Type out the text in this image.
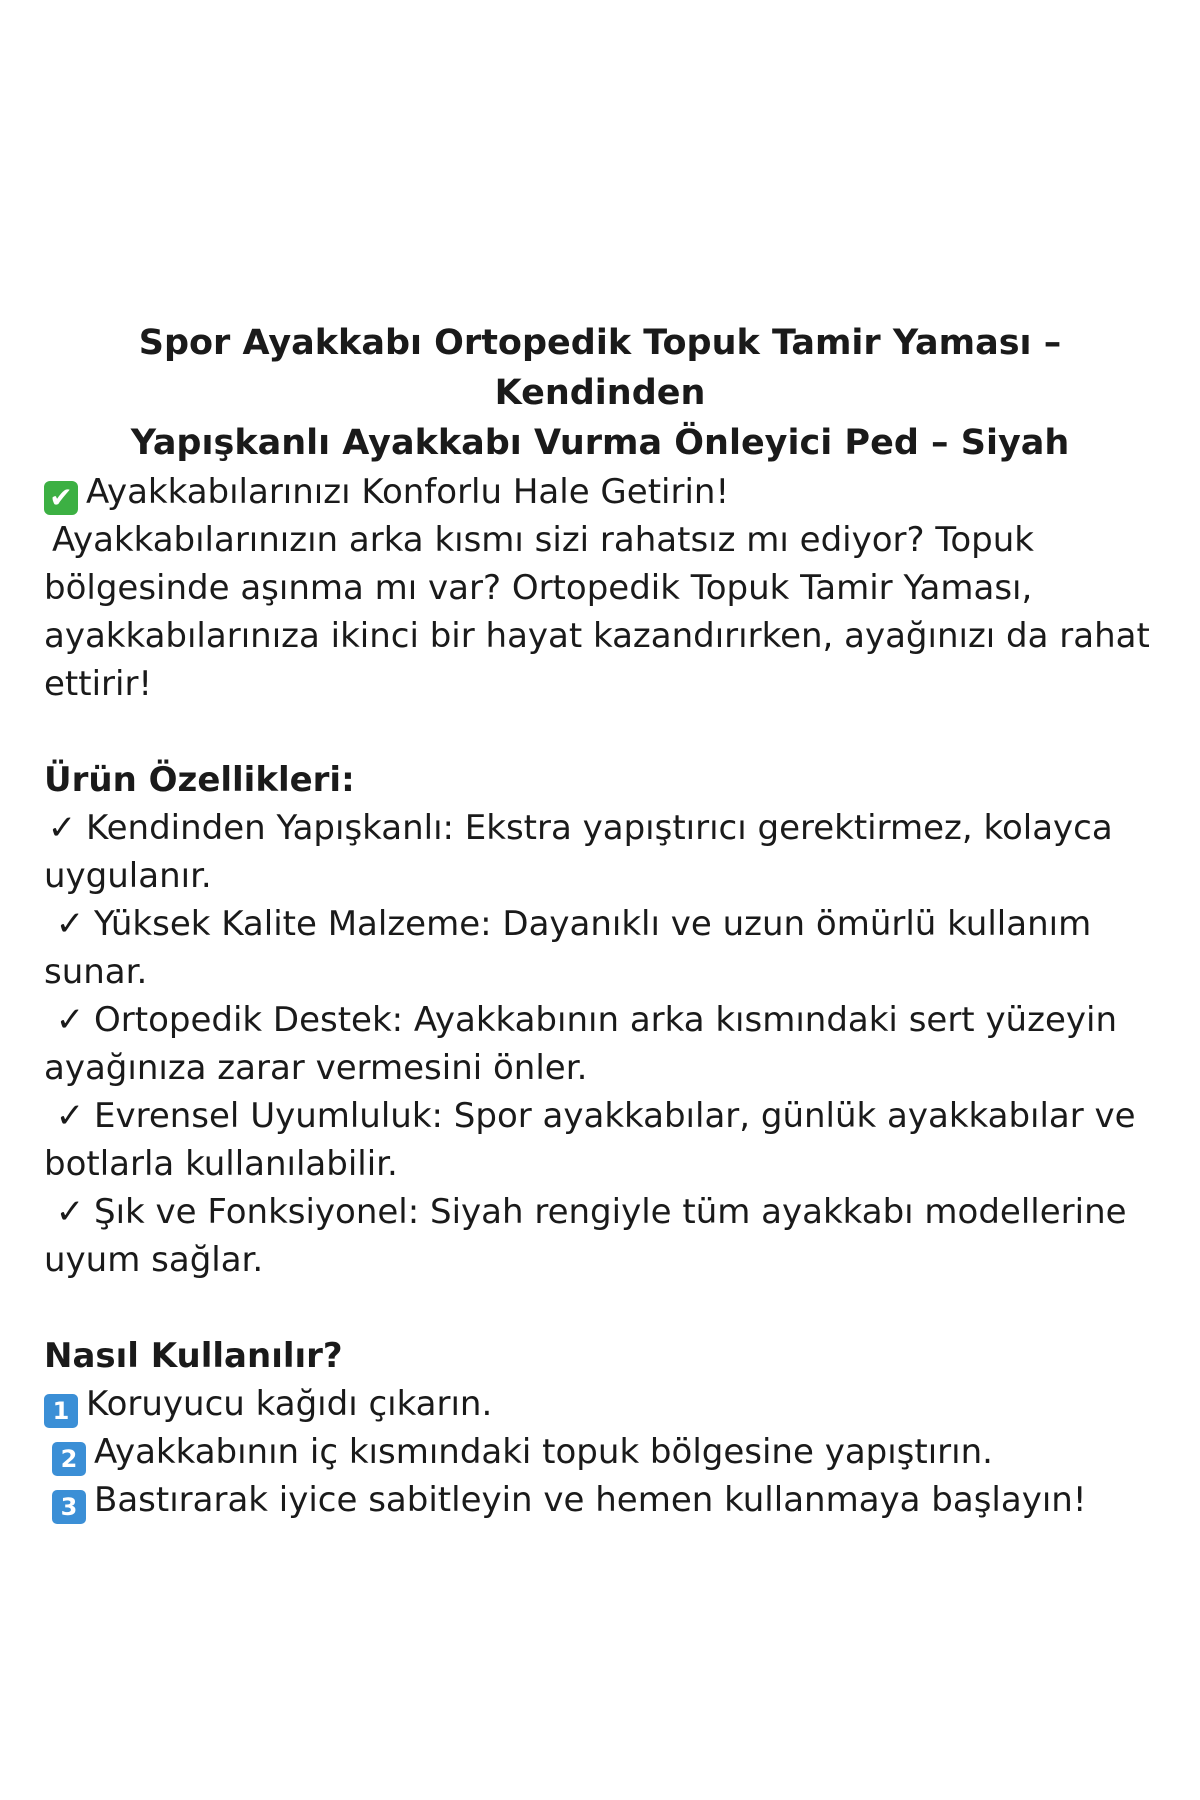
Spor Ayakkabı Ortopedik Topuk Tamir Yaması – Kendinden
Yapışkanlı Ayakkabı Vurma Önleyici Ped – Siyah

✔ Ayakkabılarınızı Konforlu Hale Getirin!

Ayakkabılarınızın arka kısmı sizi rahatsız mı ediyor? Topuk

bölgesinde aşınma mı var? Ortopedik Topuk Tamir Yaması,

ayakkabılarınıza ikinci bir hayat kazandırırken, ayağınızı da rahat

ettirir!

Ürün Özellikleri:

✓ Kendinden Yapışkanlı: Ekstra yapıştırıcı gerektirmez, kolayca
uygulanır.
✓ Yüksek Kalite Malzeme: Dayanıklı ve uzun ömürlü kullanım
sunar.
✓ Ortopedik Destek: Ayakkabının arka kısmındaki sert yüzeyin
ayağınıza zarar vermesini önler.
✓ Evrensel Uyumluluk: Spor ayakkabılar, günlük ayakkabılar ve
botlarla kullanılabilir.
✓ Şık ve Fonksiyonel: Siyah rengiyle tüm ayakkabı modellerine
uyum sağlar.

Nasıl Kullanılır?

1 Koruyucu kağıdı çıkarın.

2 Ayakkabının iç kısmındaki topuk bölgesine yapıştırın.

3 Bastırarak iyice sabitleyin ve hemen kullanmaya başlayın!
